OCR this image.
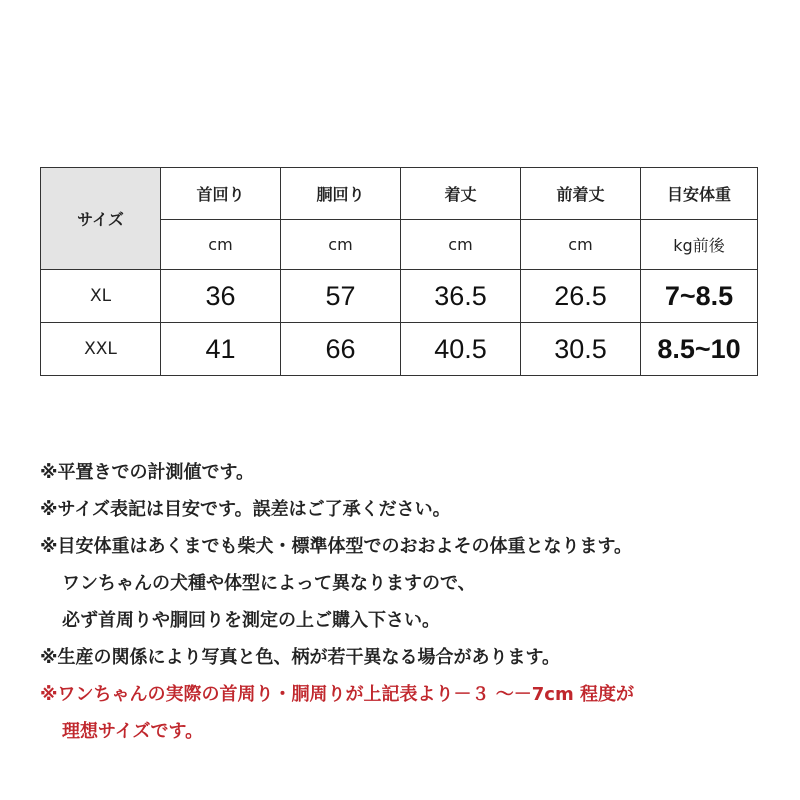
サイズ	首回り	胴回り	着丈	前着丈	目安体重
	cm	cm	cm	cm	kg前後
XL	36	57	36.5	26.5	7~8.5
XXL	41	66	40.5	30.5	8.5~10
※平置きでの計測値です。
※サイズ表記は目安です。誤差はご了承ください。
※目安体重はあくまでも柴犬・標準体型でのおおよその体重となります。
ワンちゃんの犬種や体型によって異なりますので、
必ず首周りや胴回りを測定の上ご購入下さい。
※生産の関係により写真と色、柄が若干異なる場合があります。
※ワンちゃんの実際の首周り・胴周りが上記表より－３ ～－7cm 程度が
理想サイズです。
